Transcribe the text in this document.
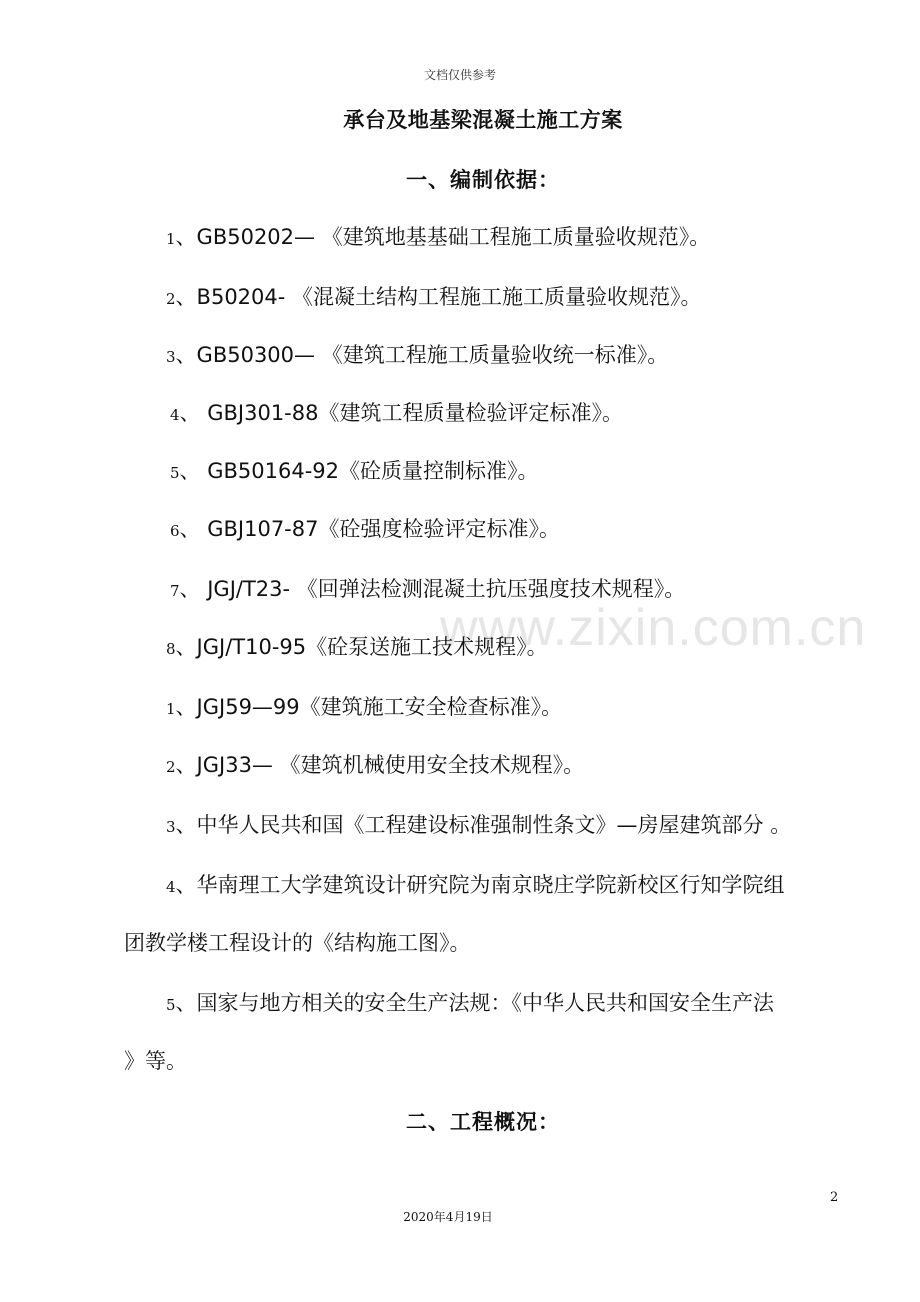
文档仅供参考
www.zixin.com.cn
承台及地基梁混凝土施工方案
一、编制依据：
1、GB50202— 《建筑地基基础工程施工质量验收规范》。
2、B50204- 《混凝土结构工程施工施工质量验收规范》。
3、GB50300— 《建筑工程施工质量验收统一标准》。
4、 GBJ301-88《建筑工程质量检验评定标准》。
5、 GB50164-92《砼质量控制标准》。
6、 GBJ107-87《砼强度检验评定标准》。
7、 JGJ/T23- 《回弹法检测混凝土抗压强度技术规程》。
8、JGJ/T10-95《砼泵送施工技术规程》。
1、JGJ59—99《建筑施工安全检查标准》。
2、JGJ33— 《建筑机械使用安全技术规程》。
3、中华人民共和国《工程建设标准强制性条文》—房屋建筑部分 。
4、华南理工大学建筑设计研究院为南京晓庄学院新校区行知学院组
团教学楼工程设计的《结构施工图》。
5、国家与地方相关的安全生产法规：《中华人民共和国安全生产法
》等。
二、工程概况：
2
2020年4月19日
